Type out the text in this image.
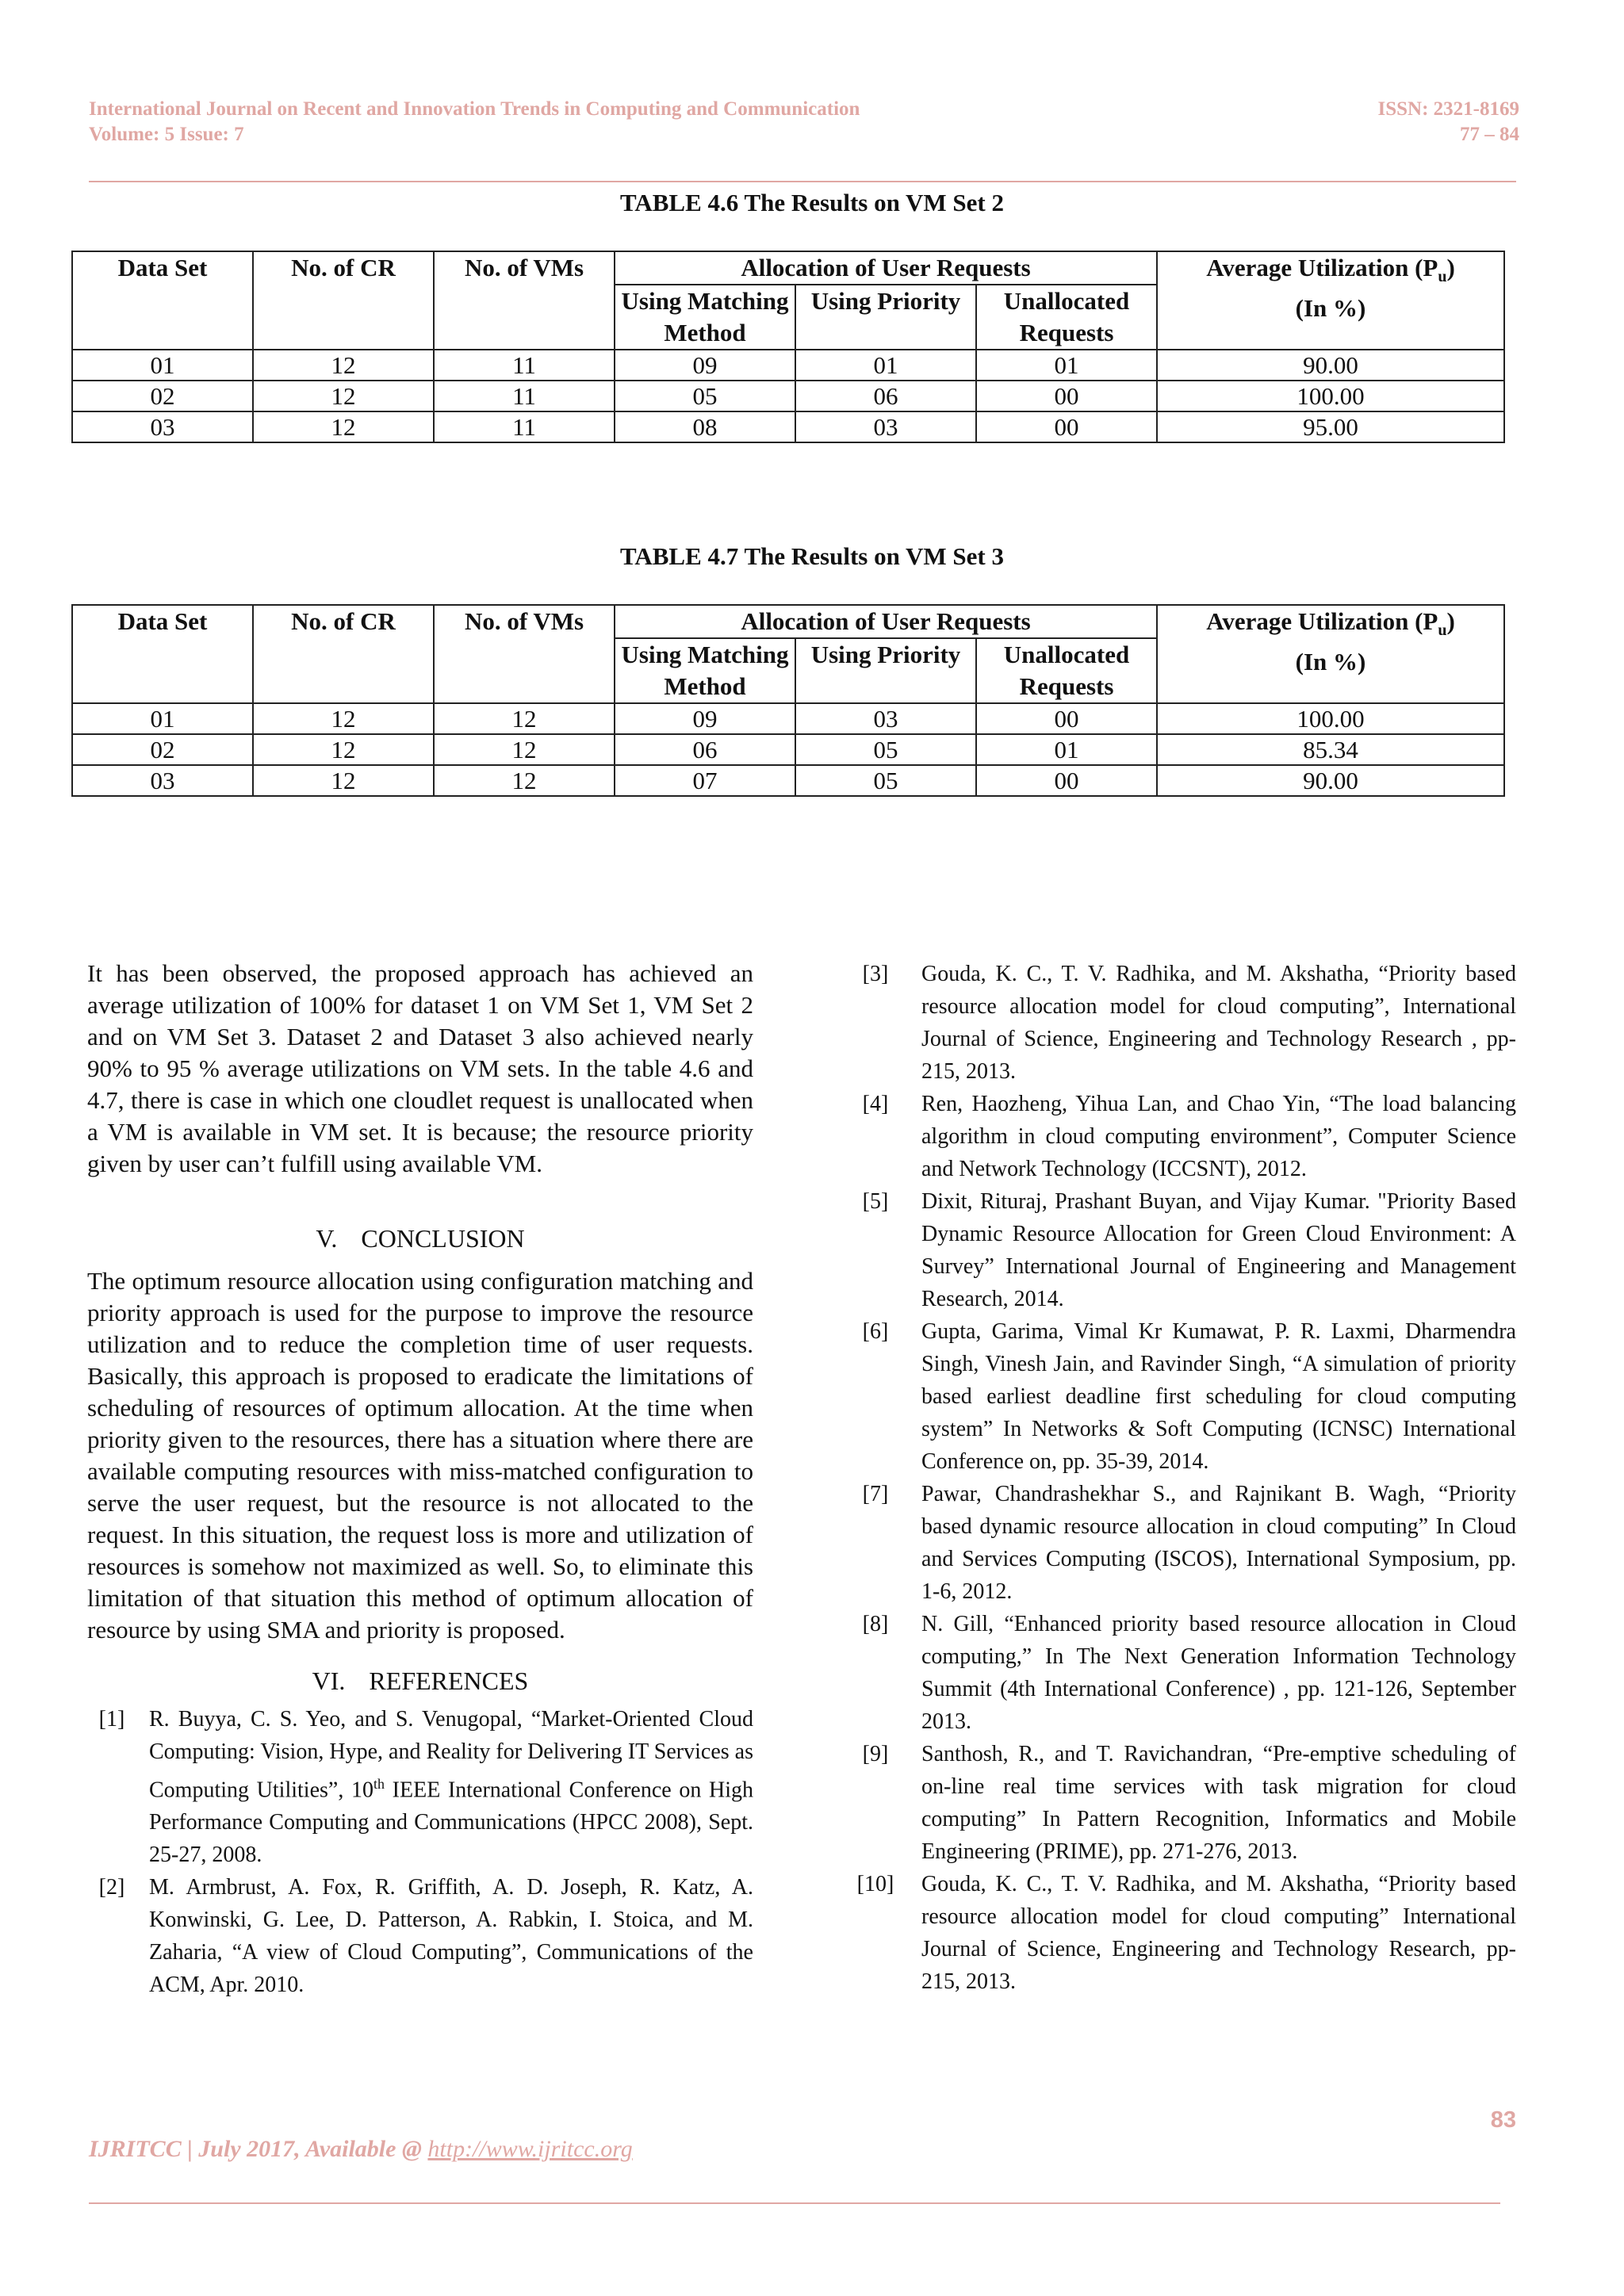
International Journal on Recent and Innovation Trends in Computing and Communication
Volume: 5 Issue: 7
ISSN: 2321-8169
77 – 84
TABLE 4.6 The Results on VM Set 2
Data Set	No. of CR	No. of VMs	Allocation of User Requests			Average Utilization $(P_u)$
(In %)
			Using Matching Method	Using Priority	Unallocated Requests	
01	12	11	09	01	01	90.00
02	12	11	05	06	00	100.00
03	12	11	08	03	00	95.00
TABLE 4.7 The Results on VM Set 3
Data Set	No. of CR	No. of VMs	Allocation of User Requests			Average Utilization $(P_u)$
(In %)
			Using Matching Method	Using Priority	Unallocated Requests	
01	12	12	09	03	00	100.00
02	12	12	06	05	01	85.34
03	12	12	07	05	00	90.00

It has been observed, the proposed approach has achieved an average utilization of 100% for dataset 1 on VM Set 1, VM Set 2 and on VM Set 3. Dataset 2 and Dataset 3 also achieved nearly 90% to 95 % average utilizations on VM sets. In the table 4.6 and 4.7, there is case in which one cloudlet request is unallocated when a VM is available in VM set. It is because; the resource priority given by user can’t fulfill using available VM.

V. CONCLUSION

The optimum resource allocation using configuration matching and priority approach is used for the purpose to improve the resource utilization and to reduce the completion time of user requests. Basically, this approach is proposed to eradicate the limitations of scheduling of resources of optimum allocation. At the time when priority given to the resources, there has a situation where there are available computing resources with miss-matched configuration to serve the user request, but the resource is not allocated to the request. In this situation, the request loss is more and utilization of resources is somehow not maximized as well. So, to eliminate this limitation of that situation this method of optimum allocation of resource by using SMA and priority is proposed.

VI. REFERENCES

[1]	R. Buyya, C. S. Yeo, and S. Venugopal, “Market-Oriented Cloud Computing: Vision, Hype, and Reality for Delivering IT Services as Computing Utilities”, 10th IEEE International Conference on High Performance Computing and Communications (HPCC 2008), Sept. 25-27, 2008.
[2]	M. Armbrust, A. Fox, R. Griffith, A. D. Joseph, R. Katz, A. Konwinski, G. Lee, D. Patterson, A. Rabkin, I. Stoica, and M. Zaharia, “A view of Cloud Computing”, Communications of the ACM, Apr. 2010.
[3]	Gouda, K. C., T. V. Radhika, and M. Akshatha, “Priority based resource allocation model for cloud computing”, International Journal of Science, Engineering and Technology Research , pp-215, 2013.
[4]	Ren, Haozheng, Yihua Lan, and Chao Yin, “The load balancing algorithm in cloud computing environment”, Computer Science and Network Technology (ICCSNT), 2012.
[5]	Dixit, Rituraj, Prashant Buyan, and Vijay Kumar. "Priority Based Dynamic Resource Allocation for Green Cloud Environment: A Survey” International Journal of Engineering and Management Research, 2014.
[6]	Gupta, Garima, Vimal Kr Kumawat, P. R. Laxmi, Dharmendra Singh, Vinesh Jain, and Ravinder Singh, “A simulation of priority based earliest deadline first scheduling for cloud computing system” In Networks & Soft Computing (ICNSC) International Conference on, pp. 35-39, 2014.
[7]	Pawar, Chandrashekhar S., and Rajnikant B. Wagh, “Priority based dynamic resource allocation in cloud computing” In Cloud and Services Computing (ISCOS), International Symposium, pp. 1-6, 2012.
[8]	N. Gill, “Enhanced priority based resource allocation in Cloud computing,” In The Next Generation Information Technology Summit (4th International Conference) , pp. 121-126, September 2013.
[9]	Santhosh, R., and T. Ravichandran, “Pre-emptive scheduling of on-line real time services with task migration for cloud computing” In Pattern Recognition, Informatics and Mobile Engineering (PRIME), pp. 271-276, 2013.
[10]	Gouda, K. C., T. V. Radhika, and M. Akshatha, “Priority based resource allocation model for cloud computing” International Journal of Science, Engineering and Technology Research, pp-215, 2013.
83
IJRITCC | July 2017, Available @ http://www.ijritcc.org
